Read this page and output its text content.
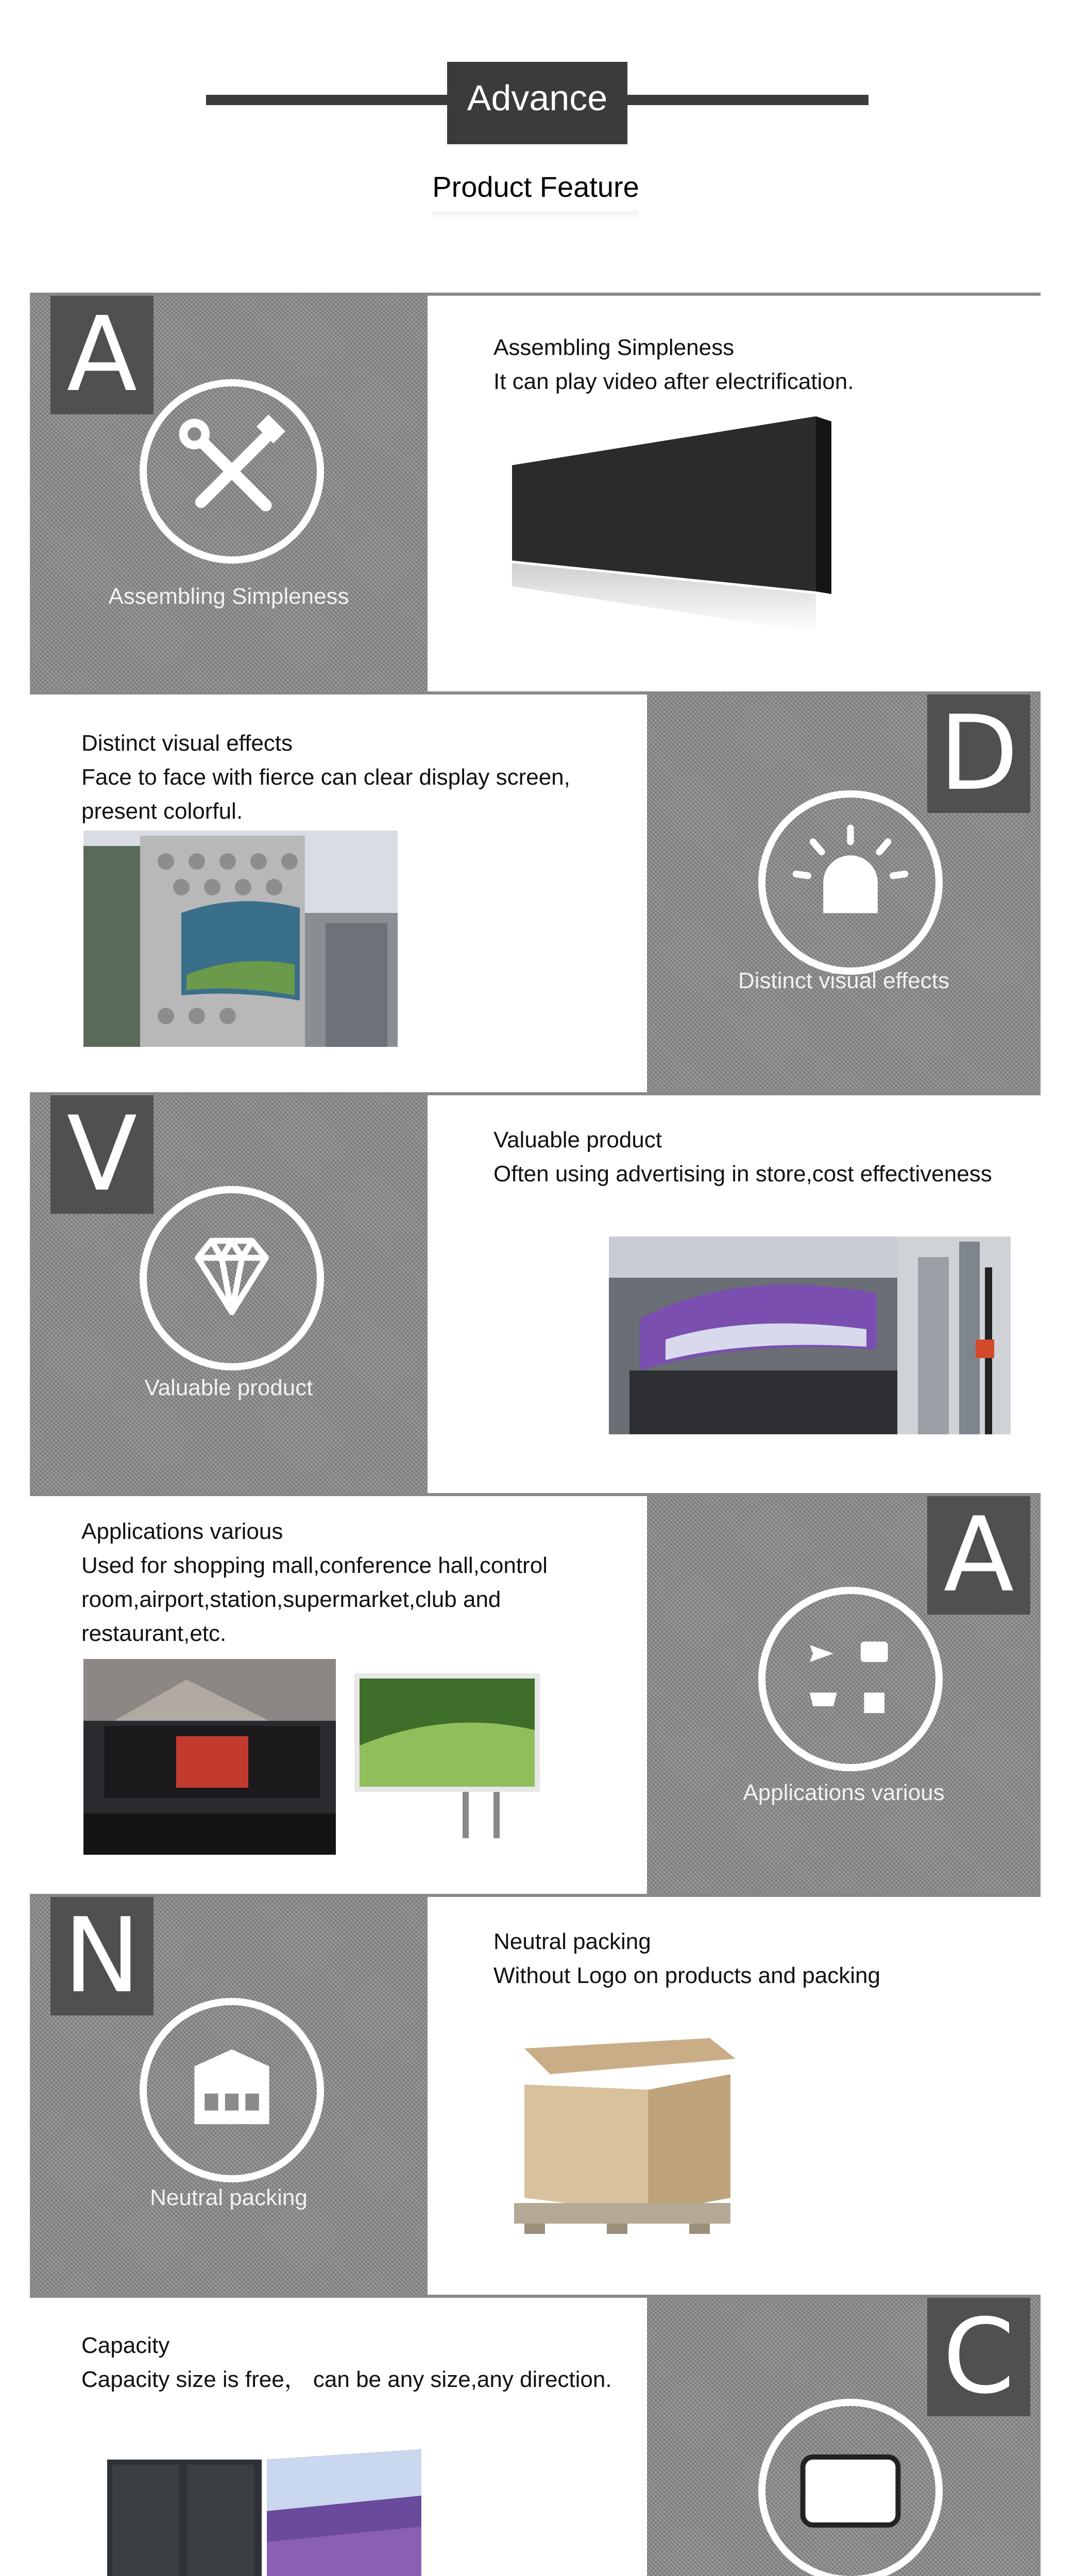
Advance
Product Feature
A
Assembling Simpleness
Assembling Simpleness
It can play video after electrification.
D
Distinct visual effects
Distinct visual effects
Face to face with fierce can clear display screen,
present colorful.
V
Valuable product
Valuable product
Often using advertising in store,cost effectiveness
A
Applications various
Applications various
Used for shopping mall,conference hall,control
room,airport,station,supermarket,club and
restaurant,etc.
N
Neutral packing
Neutral packing
Without Logo on products and packing
C
Capacity
Capacity size is free， can be any size,any direction.
